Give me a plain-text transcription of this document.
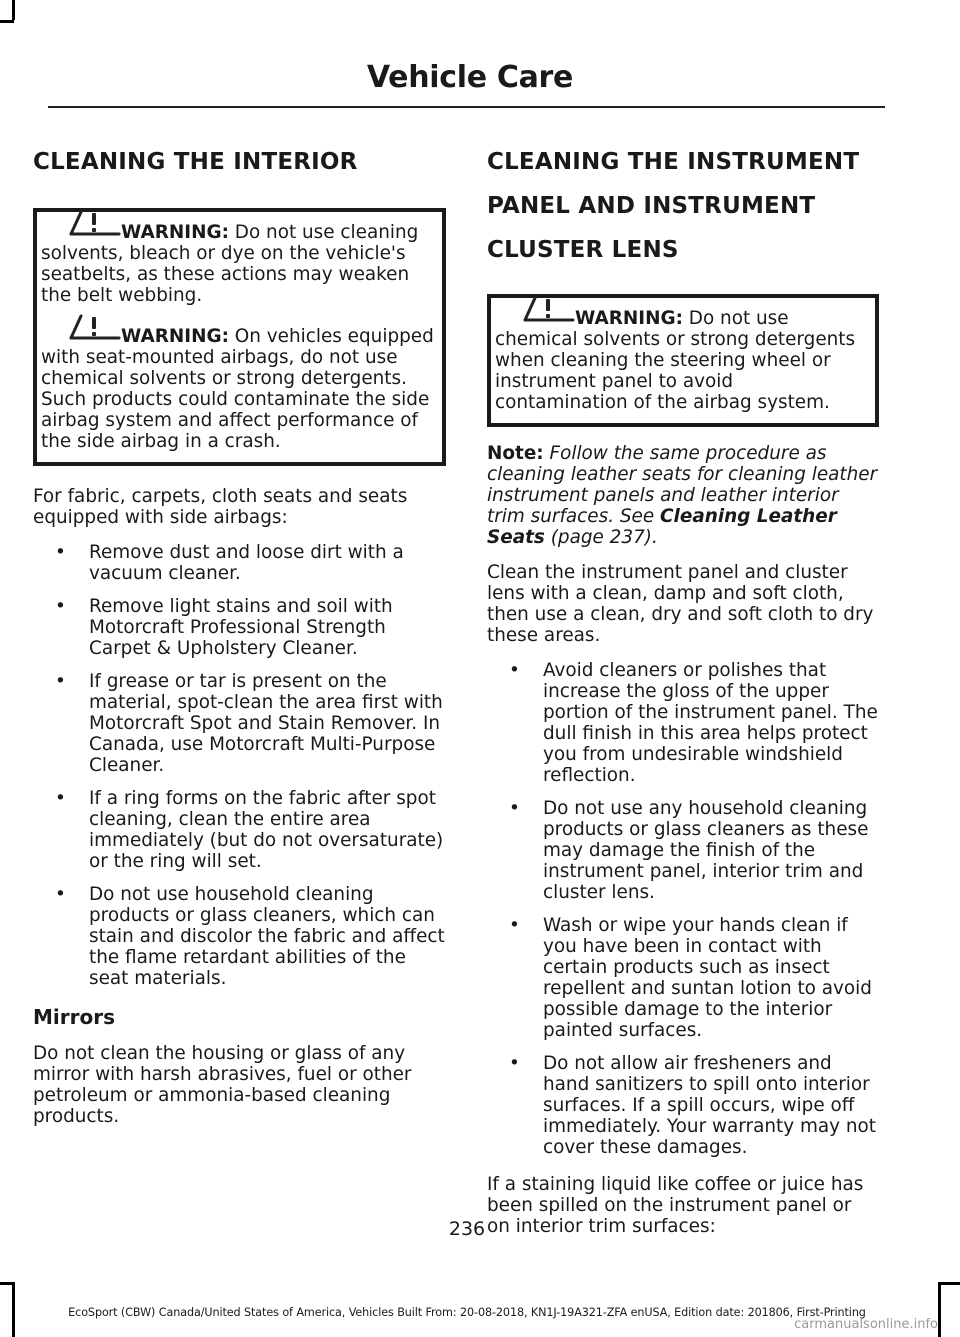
Vehicle Care
CLEANING THE INTERIOR
WARNING: Do not use cleaning solvents, bleach or dye on the vehicle's seatbelts, as these actions may weaken the belt webbing.
WARNING: On vehicles equipped with seat-mounted airbags, do not use chemical solvents or strong detergents. Such products could contaminate the side airbag system and affect performance of the side airbag in a crash.

For fabric, carpets, cloth seats and seats equipped with side airbags:

• Remove dust and loose dirt with a vacuum cleaner.
• Remove light stains and soil with Motorcraft Professional Strength Carpet & Upholstery Cleaner.
• If grease or tar is present on the material, spot-clean the area first with Motorcraft Spot and Stain Remover. In Canada, use Motorcraft Multi-Purpose Cleaner.
• If a ring forms on the fabric after spot cleaning, clean the entire area immediately (but do not oversaturate) or the ring will set.
• Do not use household cleaning products or glass cleaners, which can stain and discolor the fabric and affect the flame retardant abilities of the seat materials.
Mirrors

Do not clean the housing or glass of any mirror with harsh abrasives, fuel or other petroleum or ammonia-based cleaning products.

CLEANING THE INSTRUMENT PANEL AND INSTRUMENT CLUSTER LENS
WARNING: Do not use chemical solvents or strong detergents when cleaning the steering wheel or instrument panel to avoid contamination of the airbag system.

Note: Follow the same procedure as cleaning leather seats for cleaning leather instrument panels and leather interior trim surfaces. See Cleaning Leather Seats (page 237).

Clean the instrument panel and cluster lens with a clean, damp and soft cloth, then use a clean, dry and soft cloth to dry these areas.

• Avoid cleaners or polishes that increase the gloss of the upper portion of the instrument panel. The dull finish in this area helps protect you from undesirable windshield reflection.
• Do not use any household cleaning products or glass cleaners as these may damage the finish of the instrument panel, interior trim and cluster lens.
• Wash or wipe your hands clean if you have been in contact with certain products such as insect repellent and suntan lotion to avoid possible damage to the interior painted surfaces.
• Do not allow air fresheners and hand sanitizers to spill onto interior surfaces. If a spill occurs, wipe off immediately. Your warranty may not cover these damages.

If a staining liquid like coffee or juice has been spilled on the instrument panel or on interior trim surfaces:

236
EcoSport (CBW) Canada/United States of America, Vehicles Built From: 20-08-2018, KN1J-19A321-ZFA enUSA, Edition date: 201806, First-Printing
carmanualsonline.info
